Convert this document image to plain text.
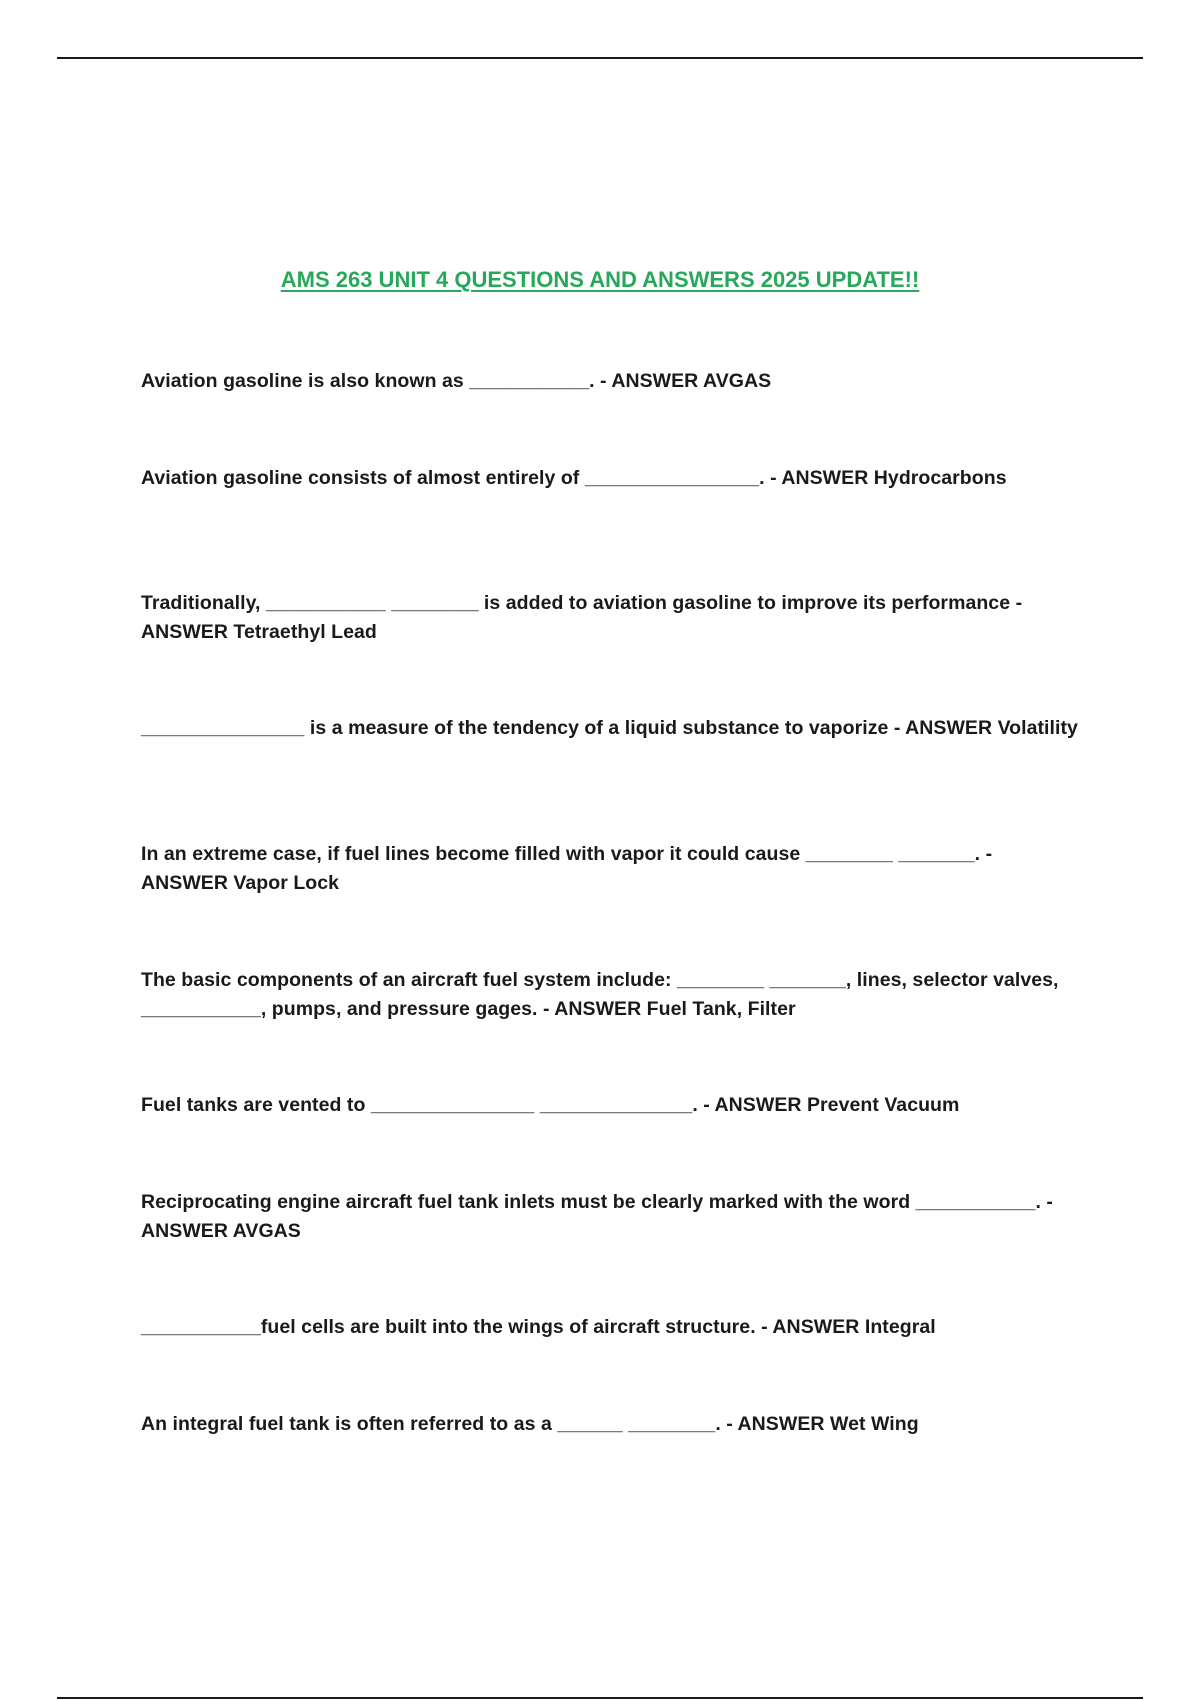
AMS 263 UNIT 4 QUESTIONS AND ANSWERS 2025 UPDATE!!

Aviation gasoline is also known as ___________. - ANSWER AVGAS

Aviation gasoline consists of almost entirely of ________________. - ANSWER Hydrocarbons

Traditionally, ___________ ________ is added to aviation gasoline to improve its performance - ANSWER Tetraethyl Lead

_______________ is a measure of the tendency of a liquid substance to vaporize - ANSWER Volatility

In an extreme case, if fuel lines become filled with vapor it could cause ________ _______. - ANSWER Vapor Lock

The basic components of an aircraft fuel system include: ________ _______, lines, selector valves, ___________, pumps, and pressure gages. - ANSWER Fuel Tank, Filter

Fuel tanks are vented to _______________ ______________. - ANSWER Prevent Vacuum

Reciprocating engine aircraft fuel tank inlets must be clearly marked with the word ___________. - ANSWER AVGAS

___________fuel cells are built into the wings of aircraft structure. - ANSWER Integral

An integral fuel tank is often referred to as a ______ ________. - ANSWER Wet Wing
